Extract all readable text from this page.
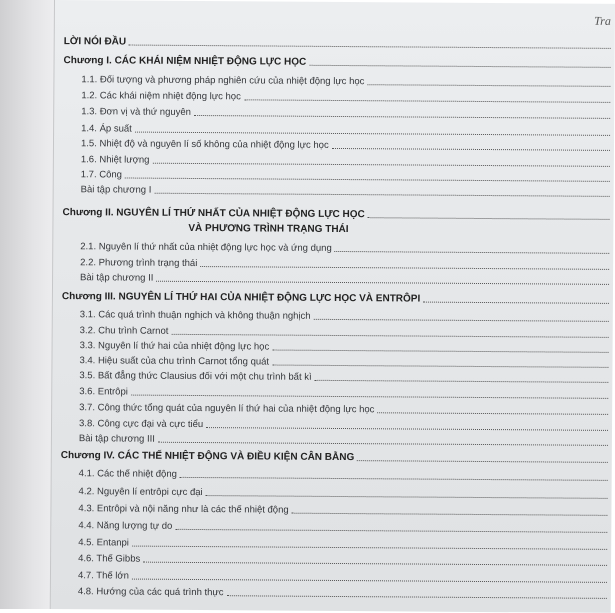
Tra
LỜI NÓI ĐẦU
Chương I. CÁC KHÁI NIỆM NHIỆT ĐỘNG LỰC HỌC
1.1. Đối tượng và phương pháp nghiên cứu của nhiệt động lực học
1.2. Các khái niệm nhiệt động lực học
1.3. Đơn vị và thứ nguyên
1.4. Áp suất
1.5. Nhiệt độ và nguyên lí số không của nhiệt động lực học
1.6. Nhiệt lượng
1.7. Công
Bài tập chương I
Chương II. NGUYÊN LÍ THỨ NHẤT CỦA NHIỆT ĐỘNG LỰC HỌC
VÀ PHƯƠNG TRÌNH TRẠNG THÁI
2.1. Nguyên lí thứ nhất của nhiệt động lực học và ứng dụng
2.2. Phương trình trạng thái
Bài tập chương II
Chương III. NGUYÊN LÍ THỨ HAI CỦA NHIỆT ĐỘNG LỰC HỌC VÀ ENTRÔPI
3.1. Các quá trình thuận nghịch và không thuận nghịch
3.2. Chu trình Carnot
3.3. Nguyên lí thứ hai của nhiệt động lực học
3.4. Hiệu suất của chu trình Carnot tổng quát
3.5. Bất đẳng thức Clausius đối với một chu trình bất kì
3.6. Entrôpi
3.7. Công thức tổng quát của nguyên lí thứ hai của nhiệt động lực học
3.8. Công cực đại và cực tiểu
Bài tập chương III
Chương IV. CÁC THẾ NHIỆT ĐỘNG VÀ ĐIỀU KIỆN CÂN BẰNG
4.1. Các thế nhiệt động
4.2. Nguyên lí entrôpi cực đại
4.3. Entrôpi và nội năng như là các thế nhiệt động
4.4. Năng lượng tự do
4.5. Entanpi
4.6. Thế Gibbs
4.7. Thế lớn
4.8. Hướng của các quá trình thực
